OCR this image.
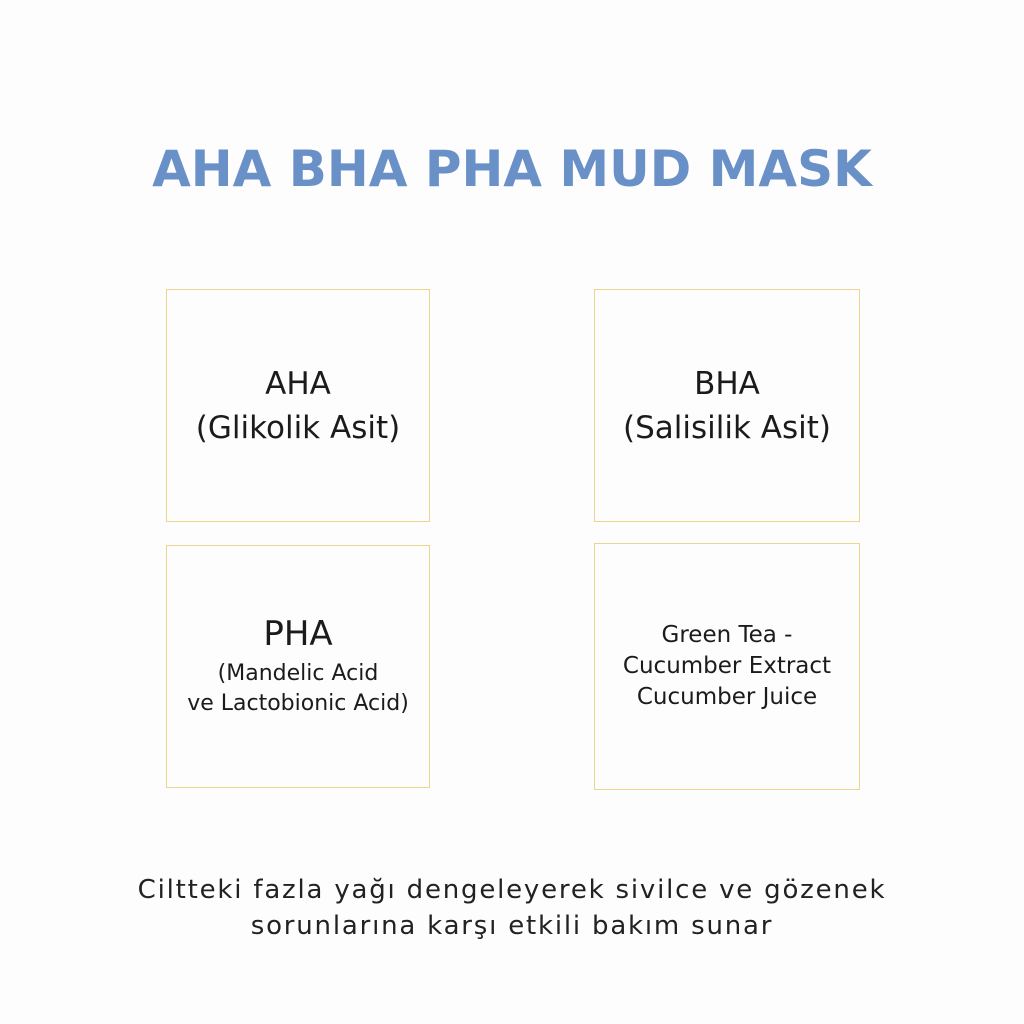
AHA BHA PHA MUD MASK
AHA
(Glikolik Asit)
BHA
(Salisilik Asit)
PHA
(Mandelic Acid
ve Lactobionic Acid)
Green Tea -
Cucumber Extract
Cucumber Juice
Ciltteki fazla yağı dengeleyerek sivilce ve gözenek
sorunlarına karşı etkili bakım sunar
